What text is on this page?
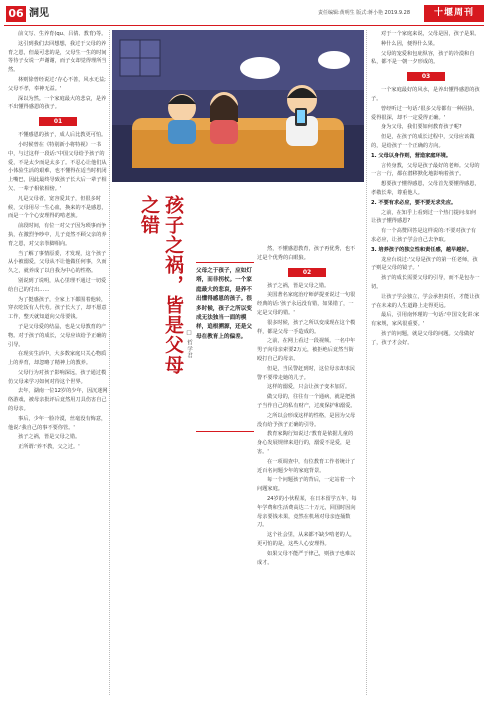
06 洞见	责任编辑:黄明生 版式:蒋小艳 2019.9.28	十堰周刊

前文写、生养育(qu、吕倩、教育)等。

这引到我们去回想想，我过于父母的养育之恩，但最可悲的是，父母生一生的时间等待子女说一声谢谢，而子女却觉得理所当然。

林则徐曾经说过:'存心不善，风水无益;父母不孝，奉神无益。'

深以为然。一个家庭最大的悲哀，是养不出懂得感恩的孩子。

01

不懂感恩的孩子，成人后比教更可怕。

小时候曾在《特别新小将特视》一书中，与过这样一段话:'中国父母给予孩子的爱，不是太少而是太多了。不忍心让他们从小体验生活的艰难，也不懂得在适当时机闭上嘴巴，因此最终导致孩子长大后一辈子相欠、一辈子相依相傍。'

凡是父母者，宽容爱其子，但很多时候，父母用尽一生心血，换来的不是感恩，而是一个个心安理得的啃老族。

前段时间，有位一对父子因为琐事而争执，在激烈争吵中，儿子竟然不顾父亲的养育之恩，对父亲拳脚相向。

当了解了事情原委，才发现，这个孩子从小被溺爱，父母从不让他做任何事，久而久之，就养成了以自我为中心的性格。

别说到了说明，从心里理不通过一切爱给自己的付出……

为了挺感孩子，全家上下都围着他转，穿衣吃饭有人代劳。孩子长大了，却不愿意工作，整天就知道向父母要钱。

子是父母爱的结晶，也是父母教育的产物。对于孩子的成长，父母应该给予正确的引导。

在现实生活中，大多数家庭只关心物质上的养育，却忽略了精神上的教养。

父母行为对孩子影响深远，孩子通过模仿父母来学习如何对待这个世界。

去年，湖南一位12岁的少年，因沉迷网络游戏，被母亲批评后竟然用刀具伤害自己的母亲。

事后，少年一脸冷漠，丝毫没有悔意，他说:'我自己的事不要你管。'

孩子之祸，皆是父母之错。

正所谓:'养不教，父之过。'

孩子之祸，皆是父母之错
□ 哲学君
父母之于孩子，应如灯塔，而非拐杖。一个家庭最大的悲哀，是养不出懂得感恩的孩子。很多时候，孩子之所以变成无法独当一面的模样，追根溯源，还是父母在教育上的偏差。

然，不懂感恩教育，孩子再优秀，也不过是个优秀的白眼狼。

02

孩子之祸，皆是父母之错。

美国著名家庭治疗师萨提亚说过一句很经典的话:'孩子永远没有错，如果错了，一定是父母的错。'

很多时候，孩子之所以变成现在这个模样，都是父母一手造成的。

之前，在网上看过一段视频。一名中年男子向母亲索要2万元，被拒绝后竟然当街殴打自己的母亲。

但是，当民警赶到时，这位母亲却求民警不要带走她的儿子。

这样的溺爱，只会让孩子变本加厉。

做父母的，往往有一个通病，就是把孩子当作自己的私有财产，过度保护和溺爱。

之所以会形成这样的性格，是因为父母没有给予孩子正确的引导。

教育家陶行知说过:'教育是依据儿童的身心发展规律来进行的，溺爱不是爱，是害。'

在一项调查中，有位教育工作者统计了近百名问题少年的家庭背景。

每一个问题孩子的背后，一定站着一个问题家庭。

24岁的小伙程某，在日本留学五年，每年学费和生活费高达二十万元，回国时因向母亲要钱未果，竟然在机场对母亲连捅数刀。

这个社会里，从来都不缺少啃老的人，更可怕的是，这些人心安理得。

如果父母不能严于律己，则孩子也难以成才。

对于一个家庭来说，父母是因，孩子是果。

种什么因，便得什么果。

父母的宠爱和包庇纵容，孩子的冷漠和自私，都不是一朝一夕形成的。

03

一个家庭最好的风水，是养出懂得感恩的孩子。

曾经听过一句话:'很多父母都有一种固执，爱得很深，却不一定爱得正确。'

身为父母，我们要如何教育孩子呢?

但是，在孩子的成长过程中，父母应该做的，是给孩子一个正确的方向。

1. 父母以身作则，营造家庭环境。

言传身教，父母是孩子最好的老师。父母的一言一行，都在潜移默化地影响着孩子。

想要孩子懂得感恩，父母首先要懂得感恩，孝敬长辈，尊重他人。

2. 不要有求必应，要不要无求先应。

之前，在知乎上看到过一个热门提问:如何让孩子懂得感恩?

有一个高赞回答是这样说的:不要对孩子有求必应，让孩子学会自己去争取。

3. 培养孩子的独立性和责任感，越早越好。

龙应台说过:'父母是孩子的第一任老师，孩子则是父母的镜子。'

孩子的成长需要父母的引导，而不是包办一切。

让孩子学会独立，学会承担责任，才能让孩子在未来的人生道路上走得更远。

最后，引用南怀瑾的一句话:'中国文化讲:家有家规，家风很重要。'

孩子的问题，就是父母的问题。父母做好了，孩子才会好。
